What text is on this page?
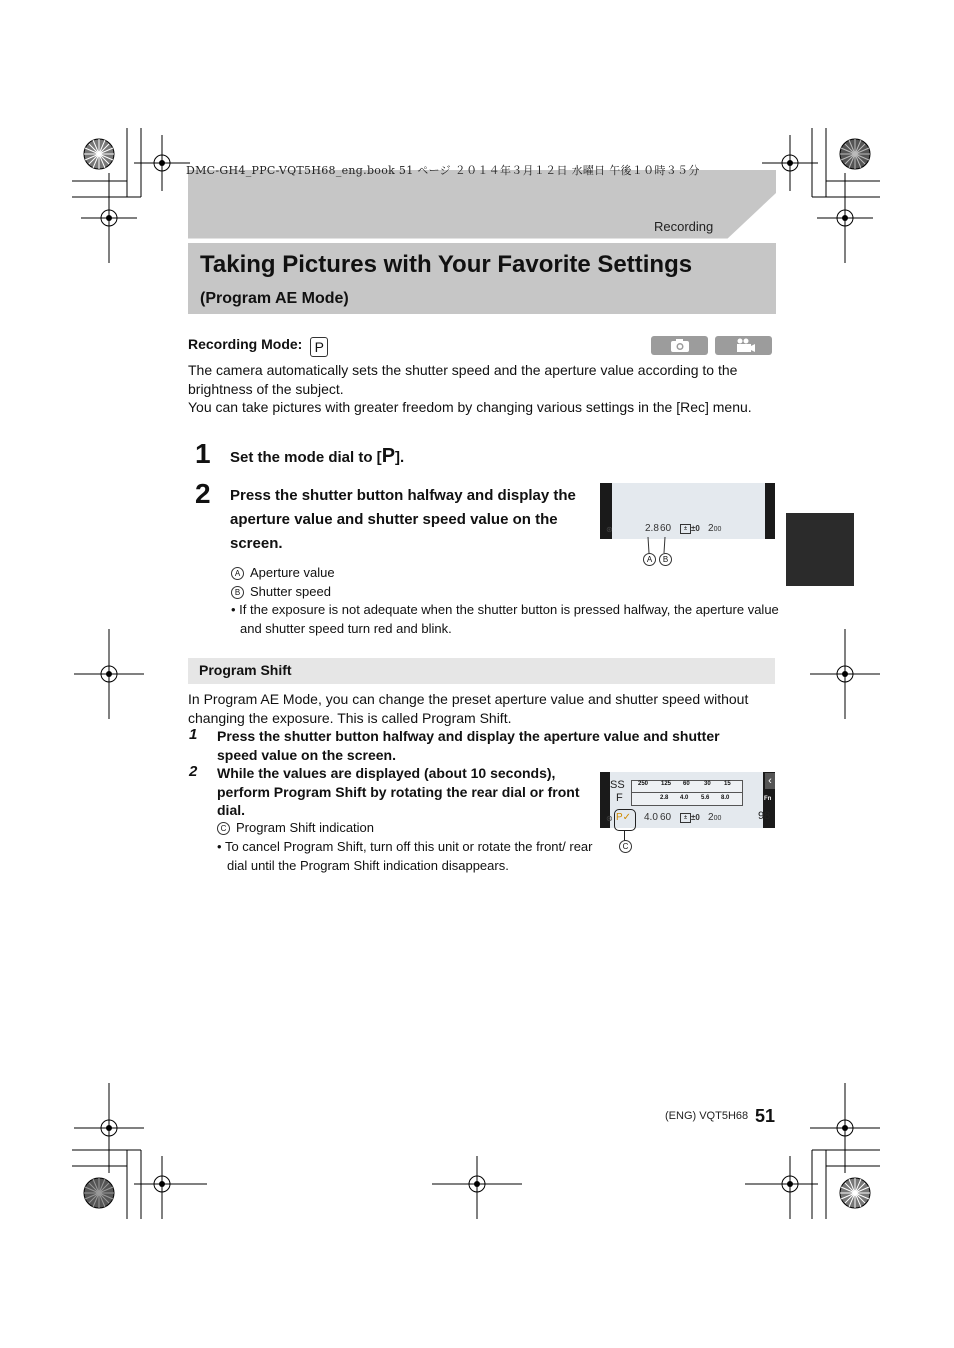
DMC-GH4_PPC-VQT5H68_eng.book 51 ページ ２０１４年３月１２日 水曜日 午後１０時３５分
Recording
Taking Pictures with Your Favorite Settings
(Program AE Mode)
Recording Mode: P
The camera automatically sets the shutter speed and the aperture value according to the brightness of the subject.
You can take pictures with greater freedom by changing various settings in the [Rec] menu.
1 Set the mode dial to [P].
2 Press the shutter button halfway and display the aperture value and shutter speed value on the screen.
⊛	2.8 60	± ±0 200
A	B
A Aperture value
B Shutter speed
• If the exposure is not adequate when the shutter button is pressed halfway, the aperture value and shutter speed turn red and blink.
Program Shift
In Program AE Mode, you can change the preset aperture value and shutter speed without changing the exposure. This is called Program Shift.
1 Press the shutter button halfway and display the aperture value and shutter speed value on the screen.
2 While the values are displayed (about 10 seconds), perform Program Shift by rotating the rear dial or front dial.
C Program Shift indication
• To cancel Program Shift, turn off this unit or rotate the front/ rear dial until the Program Shift indication disappears.
SS
F
250 125 60 30 15
2.8 4.0 5.6 8.0
⊛ P✓ 4.0 60	± ±0 200	98
‹
Fn
C
(ENG) VQT5H68 51
